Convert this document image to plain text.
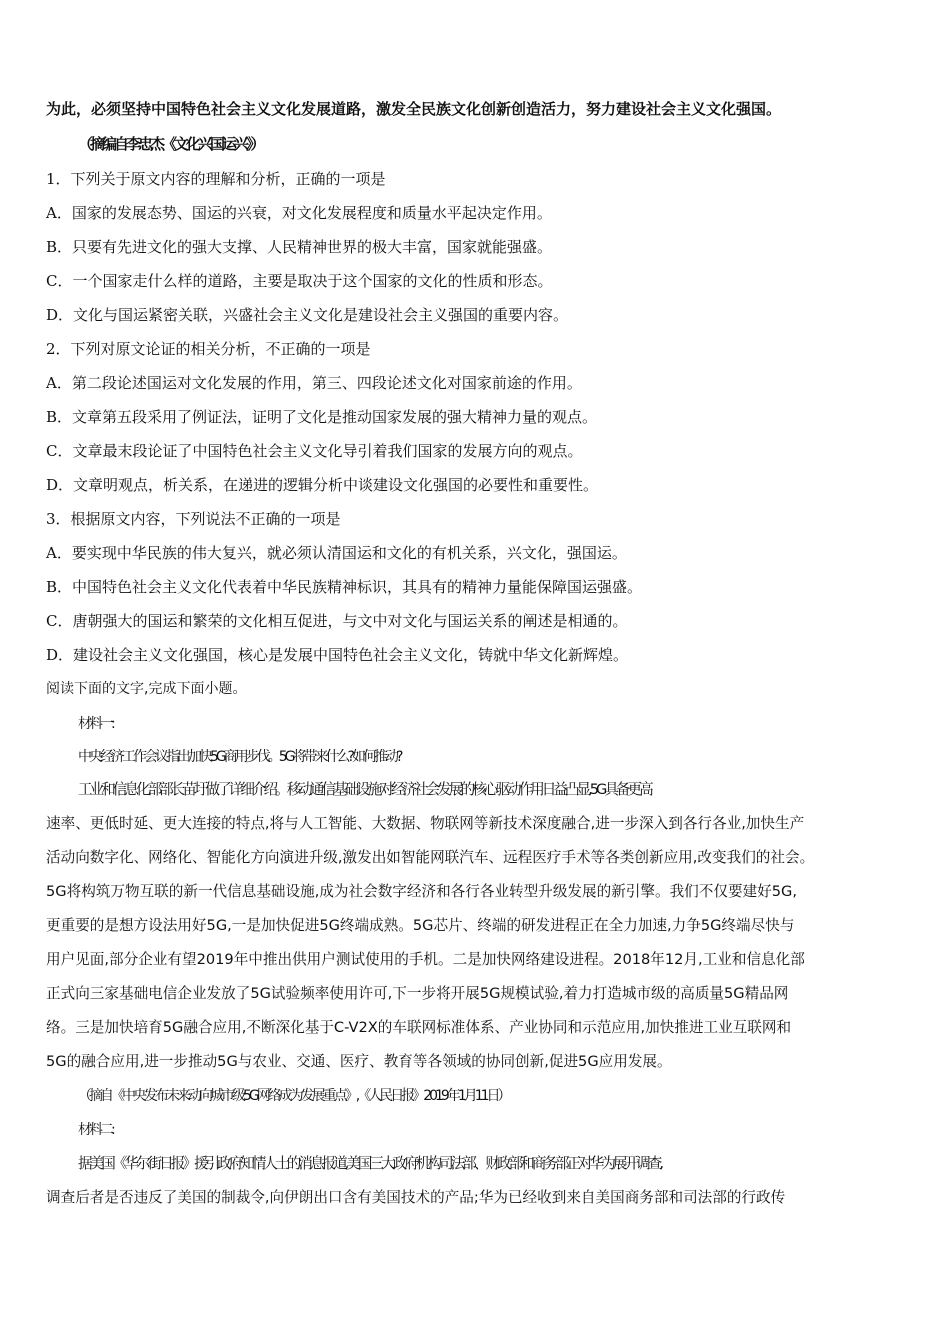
为此，必须坚持中国特色社会主义文化发展道路，激发全民族文化创新创造活力，努力建设社会主义文化强国。
（摘编自李忠杰《文化兴国运兴》）
1．下列关于原文内容的理解和分析，正确的一项是
A．国家的发展态势、国运的兴衰，对文化发展程度和质量水平起决定作用。
B．只要有先进文化的强大支撑、人民精神世界的极大丰富，国家就能强盛。
C．一个国家走什么样的道路，主要是取决于这个国家的文化的性质和形态。
D．文化与国运紧密关联，兴盛社会主义文化是建设社会主义强国的重要内容。
2．下列对原文论证的相关分析，不正确的一项是
A．第二段论述国运对文化发展的作用，第三、四段论述文化对国家前途的作用。
B．文章第五段采用了例证法，证明了文化是推动国家发展的强大精神力量的观点。
C．文章最末段论证了中国特色社会主义文化导引着我们国家的发展方向的观点。
D．文章明观点，析关系，在递进的逻辑分析中谈建设文化强国的必要性和重要性。
3．根据原文内容，下列说法不正确的一项是
A．要实现中华民族的伟大复兴，就必须认清国运和文化的有机关系，兴文化，强国运。
B．中国特色社会主义文化代表着中华民族精神标识，其具有的精神力量能保障国运强盛。
C．唐朝强大的国运和繁荣的文化相互促进，与文中对文化与国运关系的阐述是相通的。
D．建设社会主义文化强国，核心是发展中国特色社会主义文化，铸就中华文化新辉煌。
阅读下面的文字,完成下面小题。
材料一:
中央经济工作会议指出加快5G商用步伐。5G将带来什么?如何推动?
工业和信息化部部长苗圩做了详细介绍。移动通信基础设施对经济社会发展的核心驱动作用日益凸显,5G具备更高
速率、更低时延、更大连接的特点,将与人工智能、大数据、物联网等新技术深度融合,进一步深入到各行各业,加快生产
活动向数字化、网络化、智能化方向演进升级,激发出如智能网联汽车、远程医疗手术等各类创新应用,改变我们的社会。
5G将构筑万物互联的新一代信息基础设施,成为社会数字经济和各行各业转型升级发展的新引擎。我们不仅要建好5G,
更重要的是想方设法用好5G,一是加快促进5G终端成熟。5G芯片、终端的研发进程正在全力加速,力争5G终端尽快与
用户见面,部分企业有望2019年中推出供用户测试使用的手机。二是加快网络建设进程。2018年12月,工业和信息化部
正式向三家基础电信企业发放了5G试验频率使用许可,下一步将开展5G规模试验,着力打造城市级的高质量5G精品网
络。三是加快培育5G融合应用,不断深化基于C-V2X的车联网标准体系、产业协同和示范应用,加快推进工业互联网和
5G的融合应用,进一步推动5G与农业、交通、医疗、教育等各领域的协同创新,促进5G应用发展。
（摘自《中央发布未来动向城市级5G网络成为发展重点》,《人民日报》2019年1月11日）
材料二:
据美国《华尔街日报》援引政府知情人士的消息报道,美国三大政府机构司法部、财政部和商务部正对华为展开调查,
调查后者是否违反了美国的制裁令,向伊朗出口含有美国技术的产品;华为已经收到来自美国商务部和司法部的行政传
